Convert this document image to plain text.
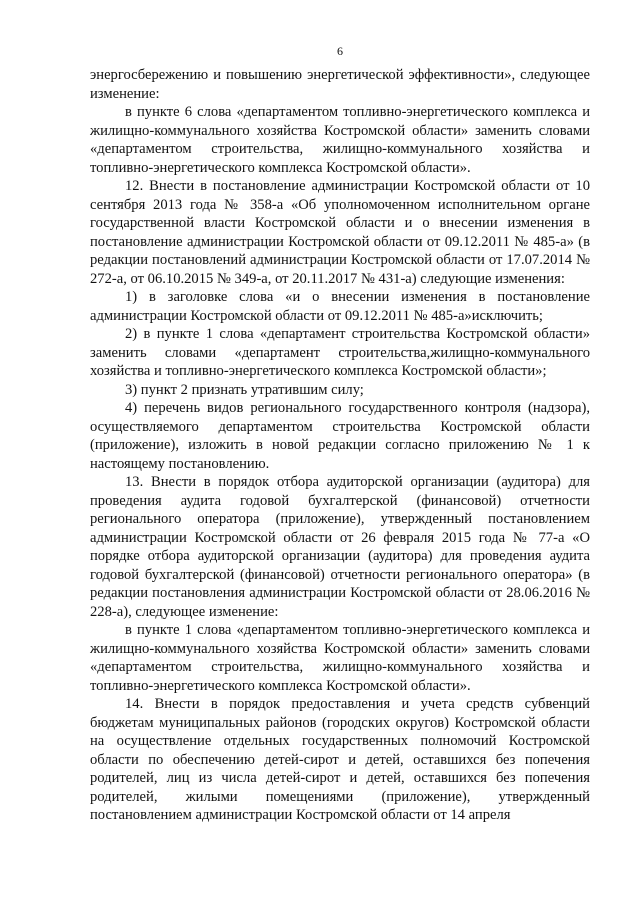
6

энергосбережению и повышению энергетической эффективности», следующее изменение:

в пункте 6 слова «департаментом топливно-энергетического комплекса и жилищно-коммунального хозяйства Костромской области» заменить словами «департаментом строительства, жилищно-коммунального хозяйства и топливно-энергетического комплекса Костромской области».

12. Внести в постановление администрации Костромской области от 10 сентября 2013 года № 358-а «Об уполномоченном исполнительном органе государственной власти Костромской области и о внесении изменения в постановление администрации Костромской области от 09.12.2011 № 485-а» (в редакции постановлений администрации Костромской области от 17.07.2014 № 272-а, от 06.10.2015 № 349-а, от 20.11.2017 № 431-а) следующие изменения:

1) в заголовке слова «и о внесении изменения в постановление администрации Костромской области от 09.12.2011 № 485-а»исключить;

2) в пункте 1 слова «департамент строительства Костромской области» заменить словами «департамент строительства,жилищно-коммунального хозяйства и топливно-энергетического комплекса Костромской области»;

3) пункт 2 признать утратившим силу;

4) перечень видов регионального государственного контроля (надзора), осуществляемого департаментом строительства Костромской области (приложение), изложить в новой редакции согласно приложению № 1 к настоящему постановлению.

13. Внести в порядок отбора аудиторской организации (аудитора) для проведения аудита годовой бухгалтерской (финансовой) отчетности регионального оператора (приложение), утвержденный постановлением администрации Костромской области от 26 февраля 2015 года № 77-а «О порядке отбора аудиторской организации (аудитора) для проведения аудита годовой бухгалтерской (финансовой) отчетности регионального оператора» (в редакции постановления администрации Костромской области от 28.06.2016 № 228-а), следующее изменение:

в пункте 1 слова «департаментом топливно-энергетического комплекса и жилищно-коммунального хозяйства Костромской области» заменить словами «департаментом строительства, жилищно-коммунального хозяйства и топливно-энергетического комплекса Костромской области».

14. Внести в порядок предоставления и учета средств субвенций бюджетам муниципальных районов (городских округов) Костромской области на осуществление отдельных государственных полномочий Костромской области по обеспечению детей-сирот и детей, оставшихся без попечения родителей, лиц из числа детей-сирот и детей, оставшихся без попечения родителей, жилыми помещениями (приложение), утвержденный постановлением администрации Костромской области от 14 апреля
